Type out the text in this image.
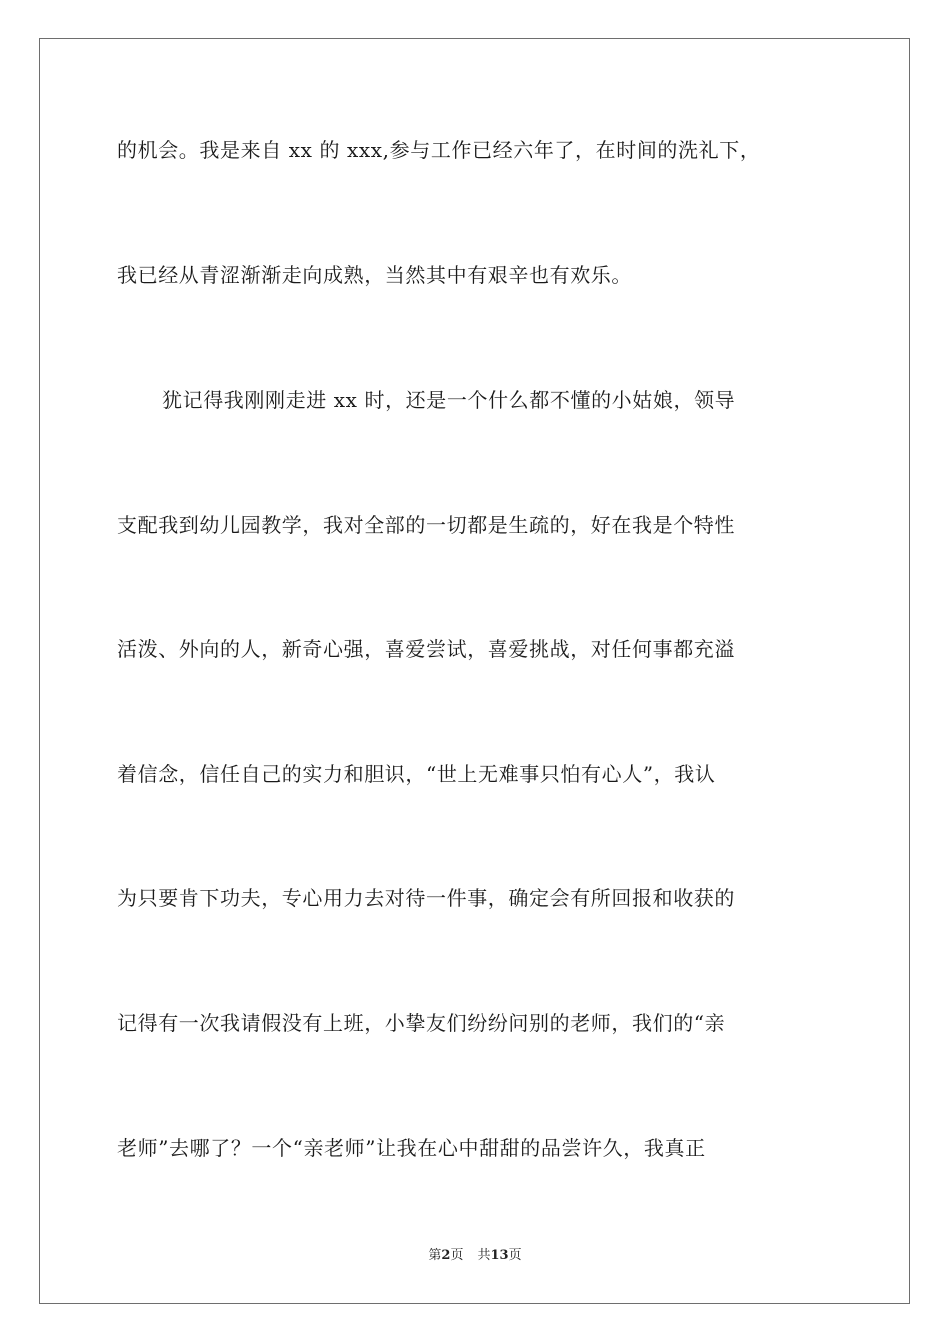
的机会。我是来自 xx 的 xxx,参与工作已经六年了，在时间的洗礼下，
我已经从青涩渐渐走向成熟，当然其中有艰辛也有欢乐。
犹记得我刚刚走进 xx 时，还是一个什么都不懂的小姑娘，领导
支配我到幼儿园教学，我对全部的一切都是生疏的，好在我是个特性
活泼、外向的人，新奇心强，喜爱尝试，喜爱挑战，对任何事都充溢
着信念，信任自己的实力和胆识，“世上无难事只怕有心人”，我认
为只要肯下功夫，专心用力去对待一件事，确定会有所回报和收获的
记得有一次我请假没有上班，小挚友们纷纷问别的老师，我们的“亲
老师”去哪了？一个“亲老师”让我在心中甜甜的品尝许久，我真正
第2页 共13页
